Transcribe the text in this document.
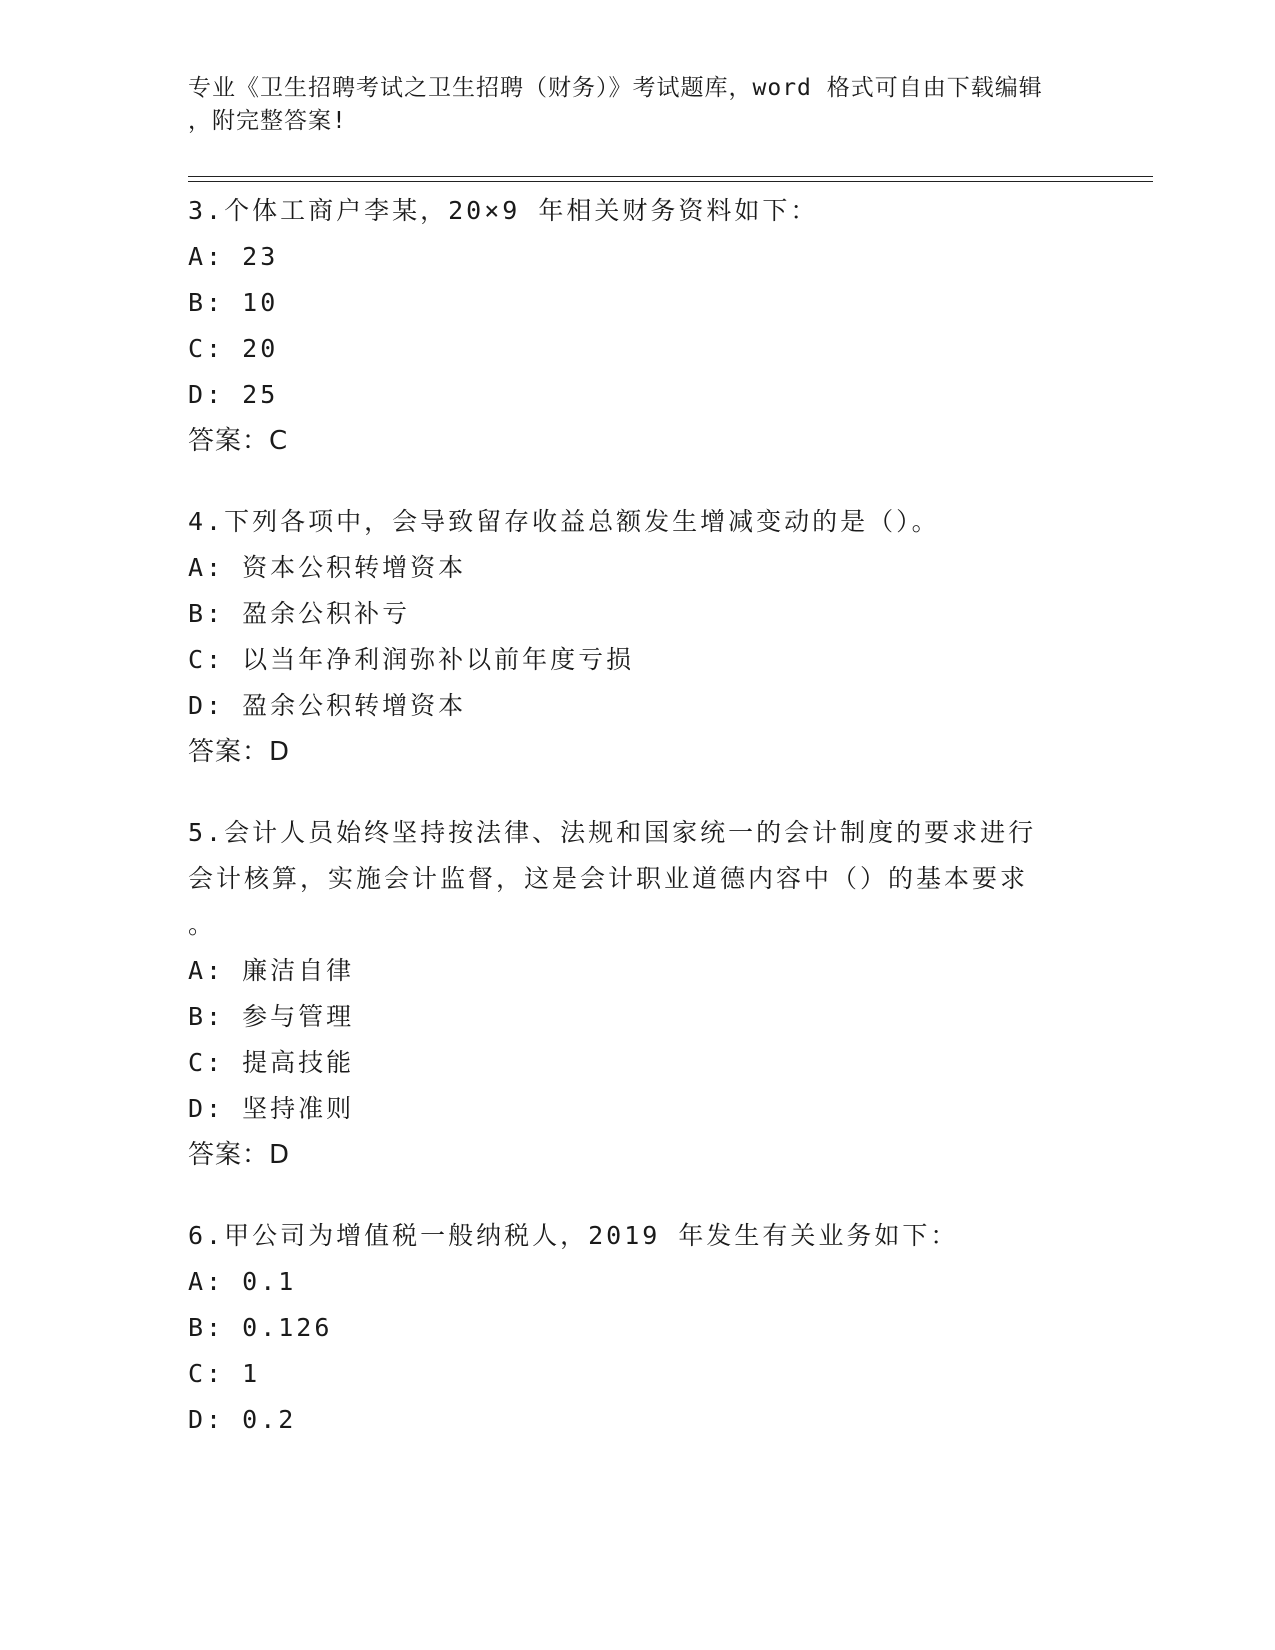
专业《卫生招聘考试之卫生招聘（财务）》考试题库，word 格式可自由下载编辑
，附完整答案!
3.个体工商户李某，20×9 年相关财务资料如下：
A: 23
B: 10
C: 20
D: 25
答案：C
4.下列各项中，会导致留存收益总额发生增减变动的是（）。
A: 资本公积转增资本
B: 盈余公积补亏
C: 以当年净利润弥补以前年度亏损
D: 盈余公积转增资本
答案：D
5.会计人员始终坚持按法律、法规和国家统一的会计制度的要求进行
会计核算，实施会计监督，这是会计职业道德内容中（）的基本要求
。
A: 廉洁自律
B: 参与管理
C: 提高技能
D: 坚持准则
答案：D
6.甲公司为增值税一般纳税人，2019 年发生有关业务如下：
A: 0.1
B: 0.126
C: 1
D: 0.2
